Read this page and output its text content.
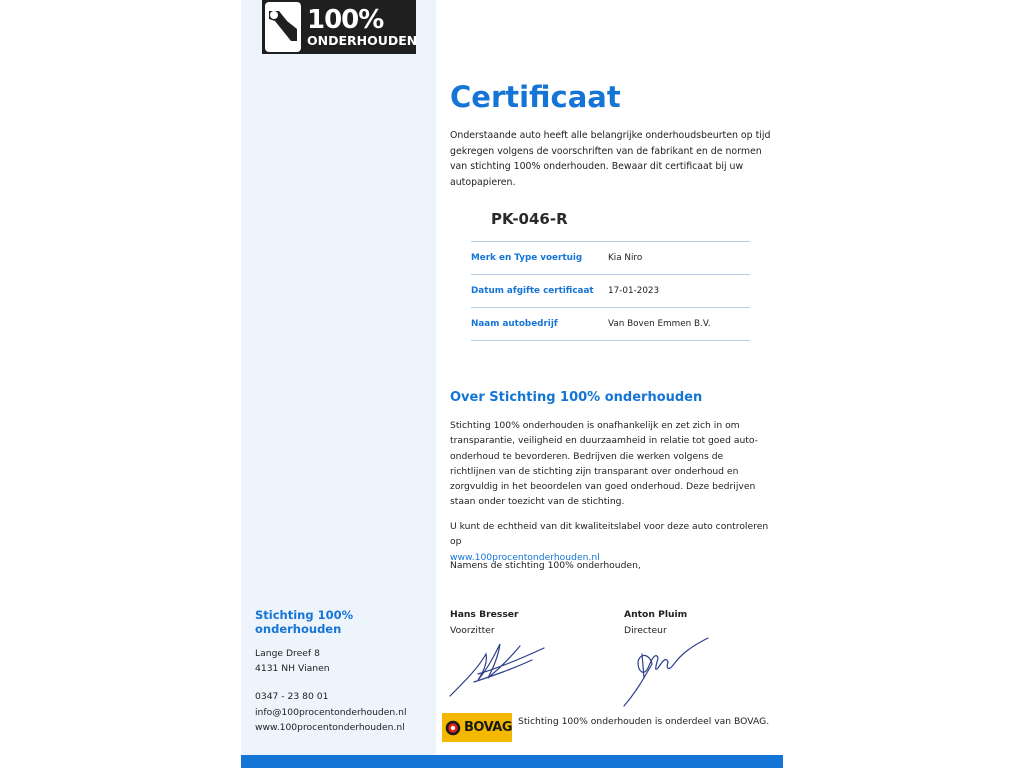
100%
ONDERHOUDEN

Stichting 100% onderhouden

Lange Dreef 8
4131 NH Vianen
0347 - 23 80 01
info@100procentonderhouden.nl
www.100procentonderhouden.nl
Certificaat

Onderstaande auto heeft alle belangrijke onderhoudsbeurten op tijd gekregen volgens de voorschriften van de fabrikant en de normen van stichting 100% onderhouden. Bewaar dit certificaat bij uw autopapieren.

PK-046-R
Merk en Type voertuig	Kia Niro
Datum afgifte certificaat	17-01-2023
Naam autobedrijf	Van Boven Emmen B.V.
Over Stichting 100% onderhouden

Stichting 100% onderhouden is onafhankelijk en zet zich in om transparantie, veiligheid en duurzaamheid in relatie tot goed auto-onderhoud te bevorderen. Bedrijven die werken volgens de richtlijnen van de stichting zijn transparant over onderhoud en zorgvuldig in het beoordelen van goed onderhoud. Deze bedrijven staan onder toezicht van de stichting.

U kunt de echtheid van dit kwaliteitslabel voor deze auto controleren op
www.100procentonderhouden.nl

Namens de stichting 100% onderhouden,

Hans Bresser
Voorzitter
Anton Pluim
Directeur
BOVAG Stichting 100% onderhouden is onderdeel van BOVAG.
